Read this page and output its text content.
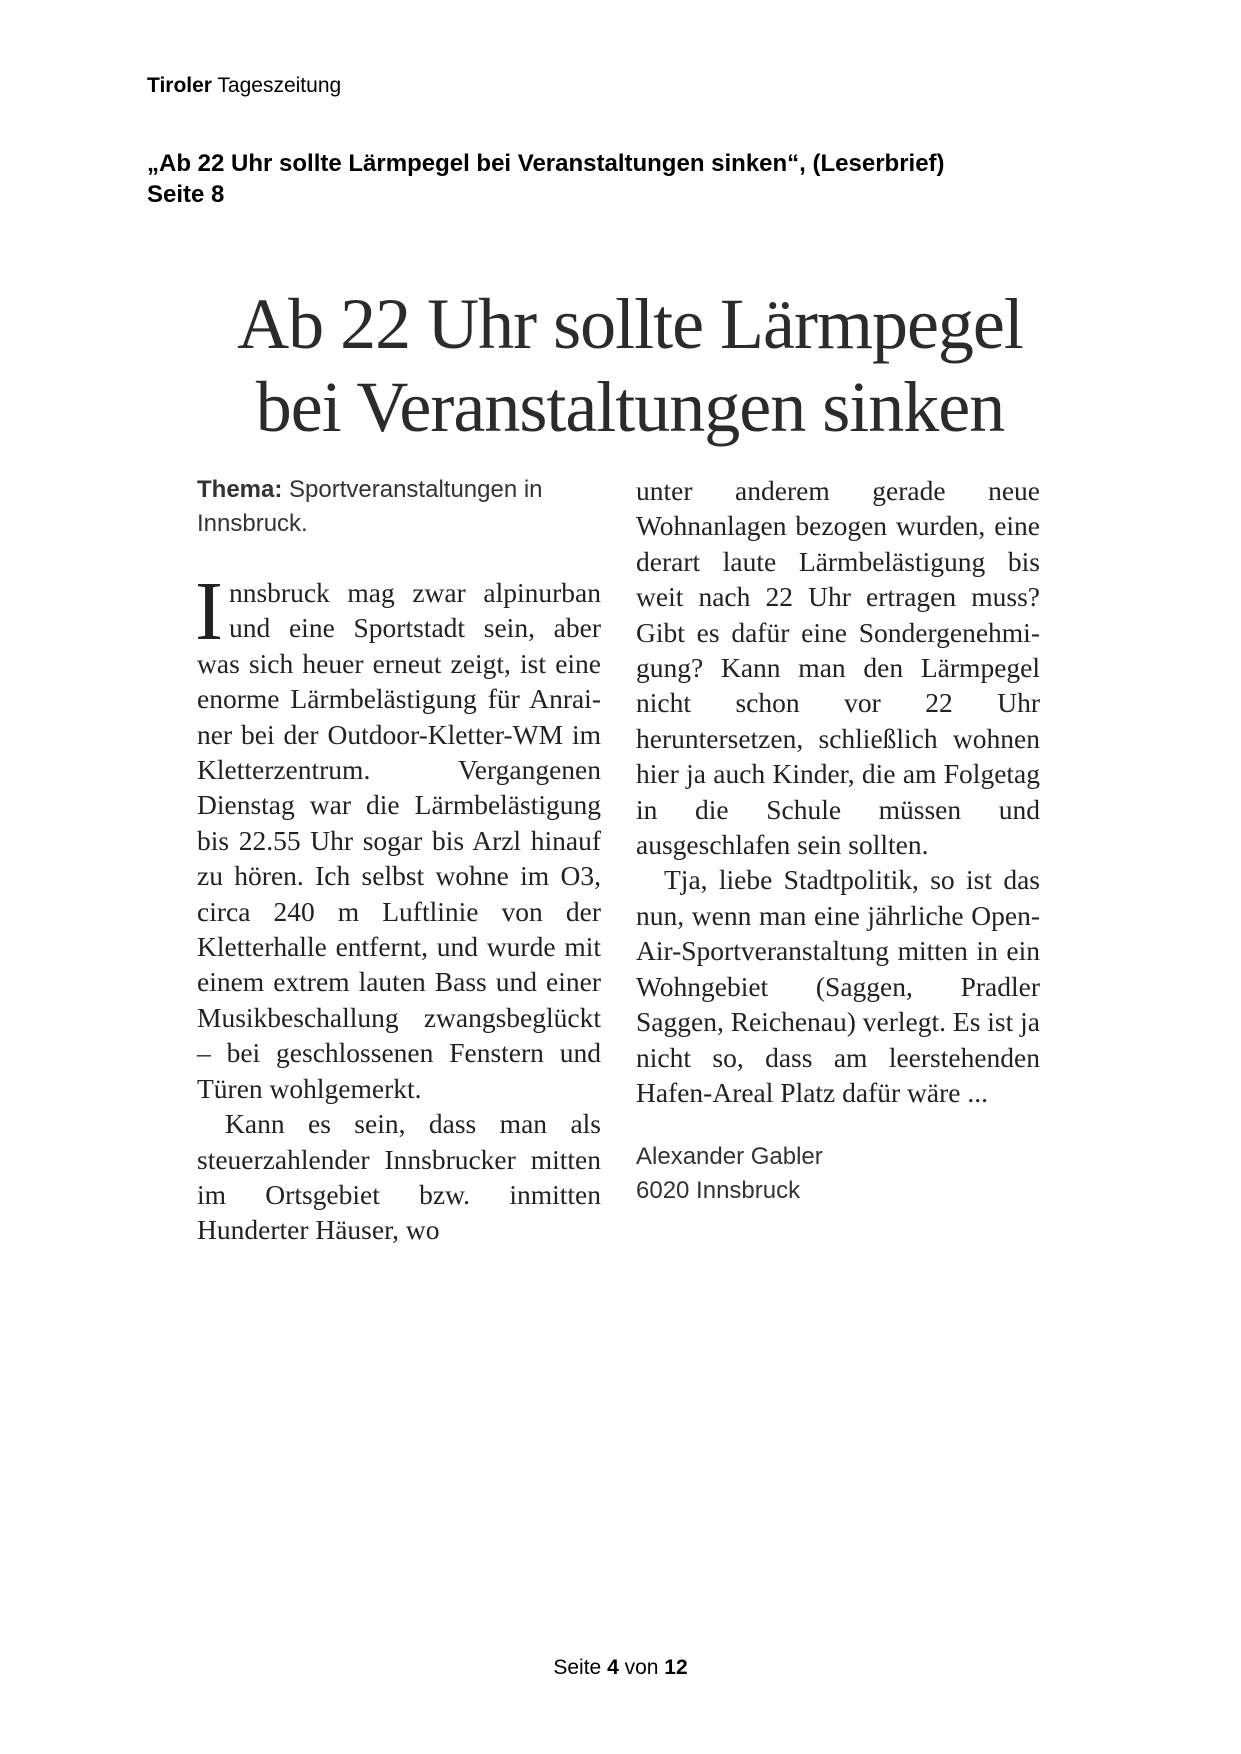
Tiroler Tageszeitung
„Ab 22 Uhr sollte Lärmpegel bei Veranstaltungen sinken“, (Leserbrief)
Seite 8
Ab 22 Uhr sollte Lärmpegel
bei Veranstaltungen sinken

Thema: Sportveranstaltungen in Innsbruck.

Innsbruck mag zwar alpinurban und eine Sportstadt sein, aber was sich heuer erneut zeigt, ist eine enorme Lärmbelästigung für Anrainer bei der Outdoor-Kletter-WM im Kletterzentrum. Vergangenen Dienstag war die Lärmbelästigung bis 22.55 Uhr sogar bis Arzl hinauf zu hören. Ich selbst wohne im O3, circa 240 m Luftlinie von der Kletterhalle entfernt, und wurde mit einem extrem lauten Bass und einer Musikbeschallung zwangsbeglückt – bei geschlossenen Fenstern und Türen wohlgemerkt.

Kann es sein, dass man als steuerzahlender Innsbrucker mitten im Ortsgebiet bzw. inmitten Hunderter Häuser, wo

unter anderem gerade neue Wohnanlagen bezogen wurden, eine derart laute Lärmbelästigung bis weit nach 22 Uhr ertragen muss? Gibt es dafür eine Sondergenehmigung? Kann man den Lärmpegel nicht schon vor 22 Uhr heruntersetzen, schließlich wohnen hier ja auch Kinder, die am Folgetag in die Schule müssen und ausgeschlafen sein sollten.

Tja, liebe Stadtpolitik, so ist das nun, wenn man eine jährliche Open-Air-Sportveranstaltung mitten in ein Wohngebiet (Saggen, Pradler Saggen, Reichenau) verlegt. Es ist ja nicht so, dass am leerstehenden Hafen-Areal Platz dafür wäre ...

Alexander Gabler
6020 Innsbruck

Seite 4 von 12
